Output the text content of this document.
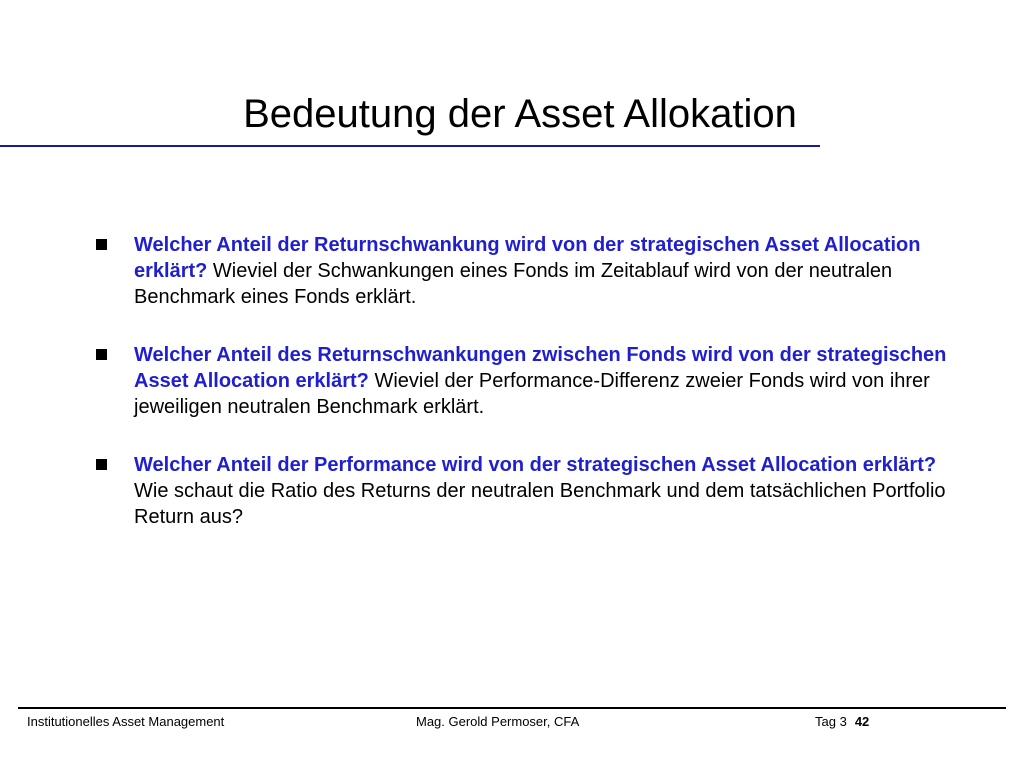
Bedeutung der Asset Allokation
Welcher Anteil der Returnschwankung wird von der strategischen Asset Allocation erklärt? Wieviel der Schwankungen eines Fonds im Zeitablauf wird von der neutralen Benchmark eines Fonds erklärt.
Welcher Anteil des Returnschwankungen zwischen Fonds wird von der strategischen Asset Allocation erklärt? Wieviel der Performance-Differenz zweier Fonds wird von ihrer jeweiligen neutralen Benchmark erklärt.
Welcher Anteil der Performance wird von der strategischen Asset Allocation erklärt? Wie schaut die Ratio des Returns der neutralen Benchmark und dem tatsächlichen Portfolio Return aus?
Institutionelles Asset Management	Mag. Gerold Permoser, CFA	Tag 3 42
